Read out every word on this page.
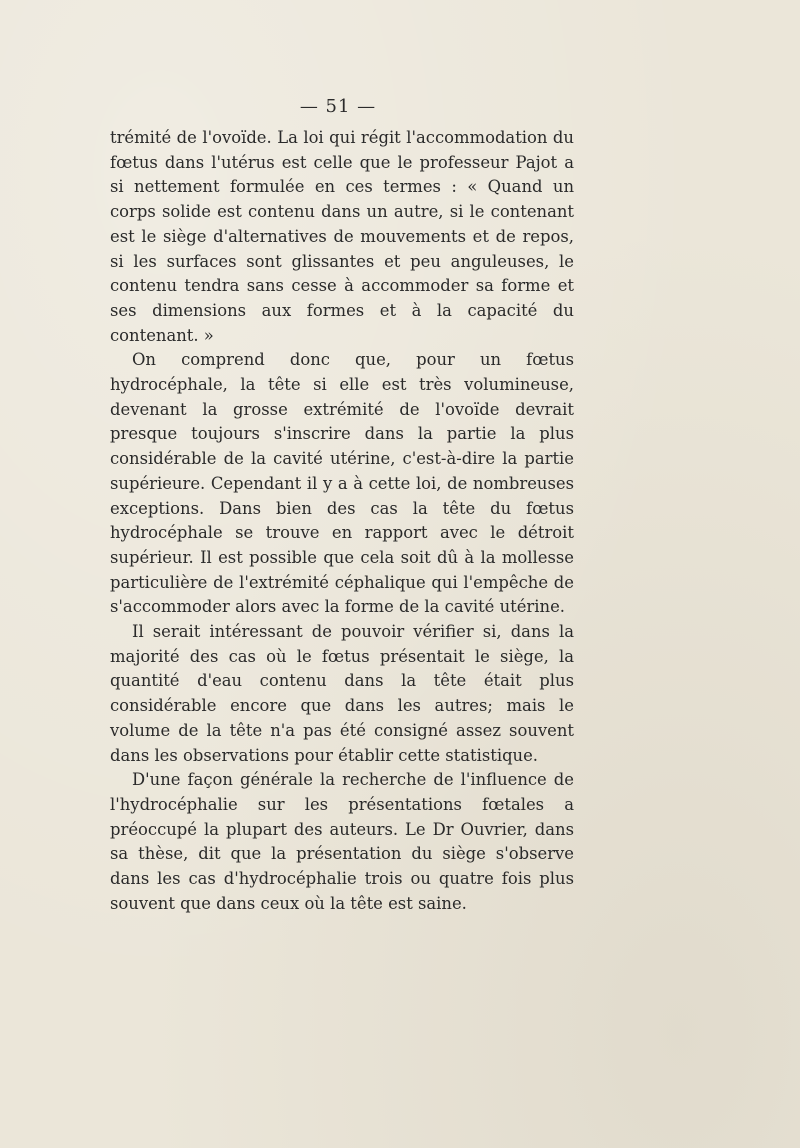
— 51 —

trémité de l'ovoïde. La loi qui régit l'accommodation du fœtus dans l'utérus est celle que le professeur Pajot a si nettement formulée en ces termes : « Quand un corps solide est contenu dans un autre, si le contenant est le siège d'alternatives de mouvements et de repos, si les surfaces sont glissantes et peu anguleuses, le contenu tendra sans cesse à accommoder sa forme et ses dimensions aux formes et à la capacité du contenant. »

On comprend donc que, pour un fœtus hydrocéphale, la tête si elle est très volumineuse, devenant la grosse extrémité de l'ovoïde devrait presque toujours s'inscrire dans la partie la plus considérable de la cavité utérine, c'est-à-dire la partie supérieure. Cependant il y a à cette loi, de nombreuses exceptions. Dans bien des cas la tête du fœtus hydrocéphale se trouve en rapport avec le détroit supérieur. Il est possible que cela soit dû à la mollesse particulière de l'extrémité céphalique qui l'empêche de s'accommoder alors avec la forme de la cavité utérine.

Il serait intéressant de pouvoir vérifier si, dans la majorité des cas où le fœtus présentait le siège, la quantité d'eau contenu dans la tête était plus considérable encore que dans les autres; mais le volume de la tête n'a pas été consigné assez souvent dans les observations pour établir cette statistique.

D'une façon générale la recherche de l'influence de l'hydrocéphalie sur les présentations fœtales a préoccupé la plupart des auteurs. Le Dr Ouvrier, dans sa thèse, dit que la présentation du siège s'observe dans les cas d'hydrocéphalie trois ou quatre fois plus souvent que dans ceux où la tête est saine.
